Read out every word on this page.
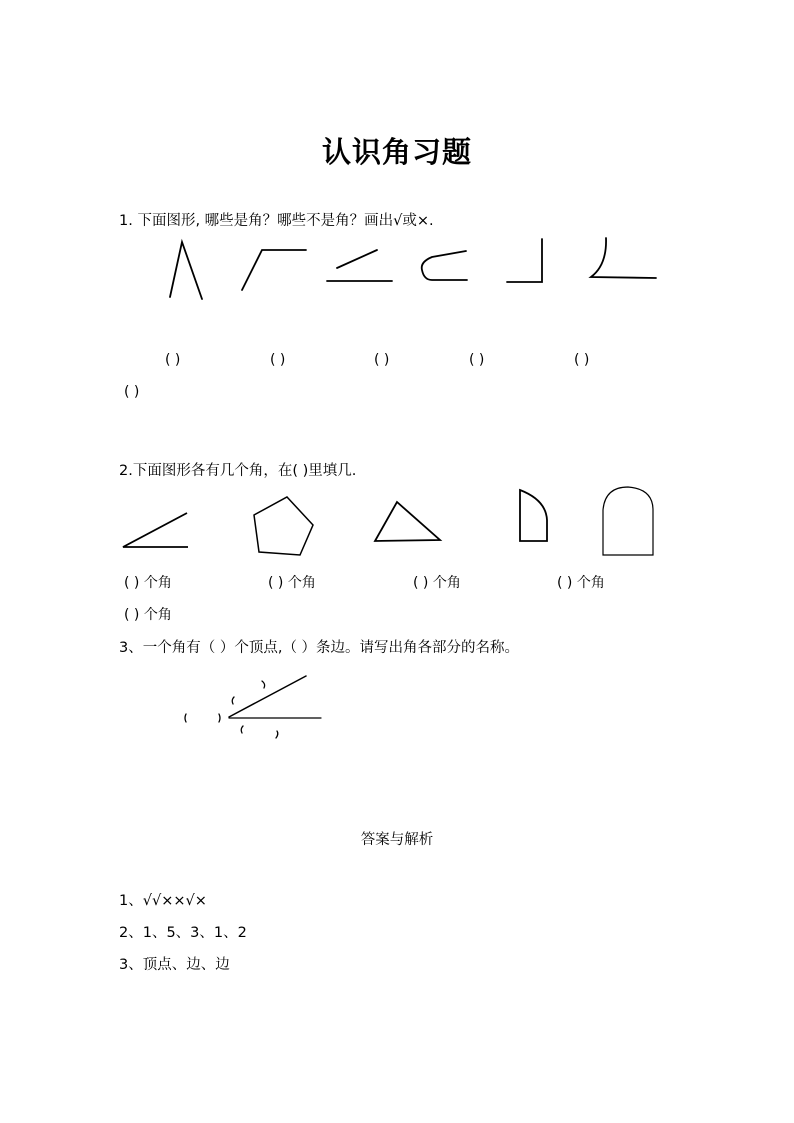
认识角习题
1. 下面图形, 哪些是角？哪些不是角？画出√或×.
( )	( )	( )	( )	( )
( )
2.下面图形各有几个角，在( )里填几.
( ) 个角	( ) 个角	( ) 个角	( ) 个角
( ) 个角
3、一个角有（ ）个顶点,（ ）条边。请写出角各部分的名称。
答案与解析
1、√√××√×
2、1、5、3、1、2
3、顶点、边、边
